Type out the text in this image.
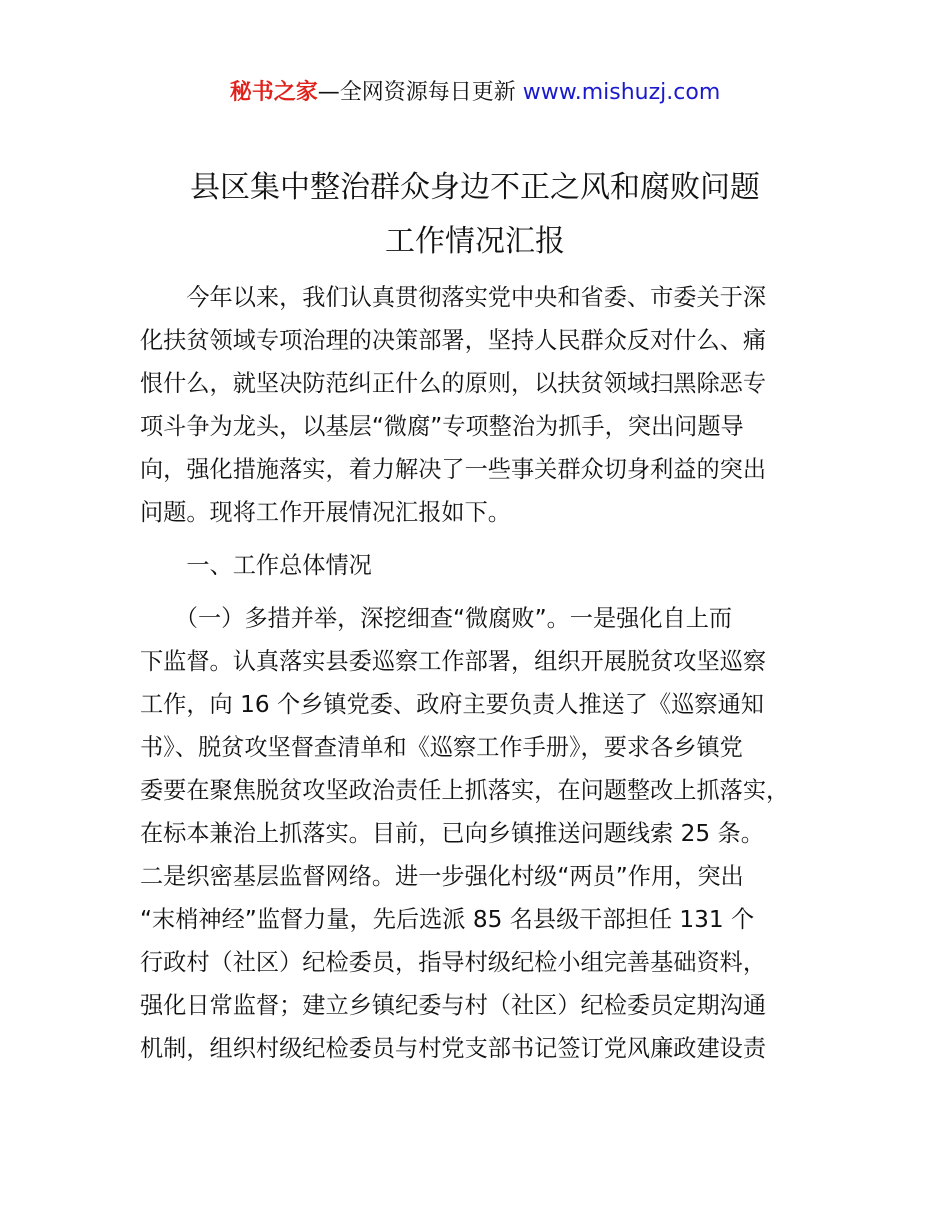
秘书之家—全网资源每日更新 www.mishuzj.com
县区集中整治群众身边不正之风和腐败问题
工作情况汇报
　　今年以来，我们认真贯彻落实党中央和省委、市委关于深
化扶贫领域专项治理的决策部署，坚持人民群众反对什么、痛
恨什么，就坚决防范纠正什么的原则，以扶贫领域扫黑除恶专
项斗争为龙头，以基层“微腐”专项整治为抓手，突出问题导
向，强化措施落实，着力解决了一些事关群众切身利益的突出
问题。现将工作开展情况汇报如下。
　　一、工作总体情况
　　（一）多措并举，深挖细查“微腐败”。一是强化自上而
下监督。认真落实县委巡察工作部署，组织开展脱贫攻坚巡察
工作，向 16 个乡镇党委、政府主要负责人推送了《巡察通知
书》、脱贫攻坚督查清单和《巡察工作手册》，要求各乡镇党
委要在聚焦脱贫攻坚政治责任上抓落实，在问题整改上抓落实，
在标本兼治上抓落实。目前，已向乡镇推送问题线索 25 条。
二是织密基层监督网络。进一步强化村级“两员”作用，突出
“末梢神经”监督力量，先后选派 85 名县级干部担任 131 个
行政村（社区）纪检委员，指导村级纪检小组完善基础资料，
强化日常监督；建立乡镇纪委与村（社区）纪检委员定期沟通
机制，组织村级纪检委员与村党支部书记签订党风廉政建设责
